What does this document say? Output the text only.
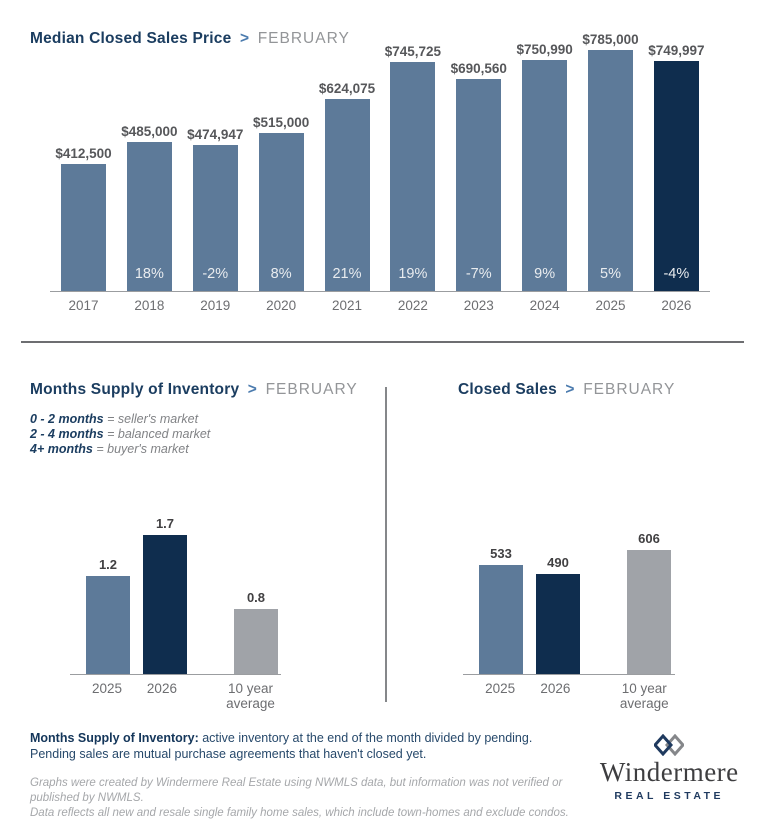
Median Closed Sales Price > FEBRUARY
$412,500
$485,000
18%
$474,947
-2%
$515,000
8%
$624,075
21%
$745,725
19%
$690,560
-7%
$750,990
9%
$785,000
5%
$749,997
-4%
2017	2018	2019	2020	2021	2022	2023	2024	2025	2026
Months Supply of Inventory > FEBRUARY
0 - 2 months = seller's market
2 - 4 months = balanced market
4+ months = buyer's market
1.2
1.7
0.8
2025	2026	10 year average
Closed Sales > FEBRUARY
533
490
606
2025	2026	10 year average

Months Supply of Inventory: active inventory at the end of the month divided by pending.
Pending sales are mutual purchase agreements that haven't closed yet.

Graphs were created by Windermere Real Estate using NWMLS data, but information was not verified or published by NWMLS.
Data reflects all new and resale single family home sales, which include town-homes and exclude condos.

Windermere
REAL ESTATE
